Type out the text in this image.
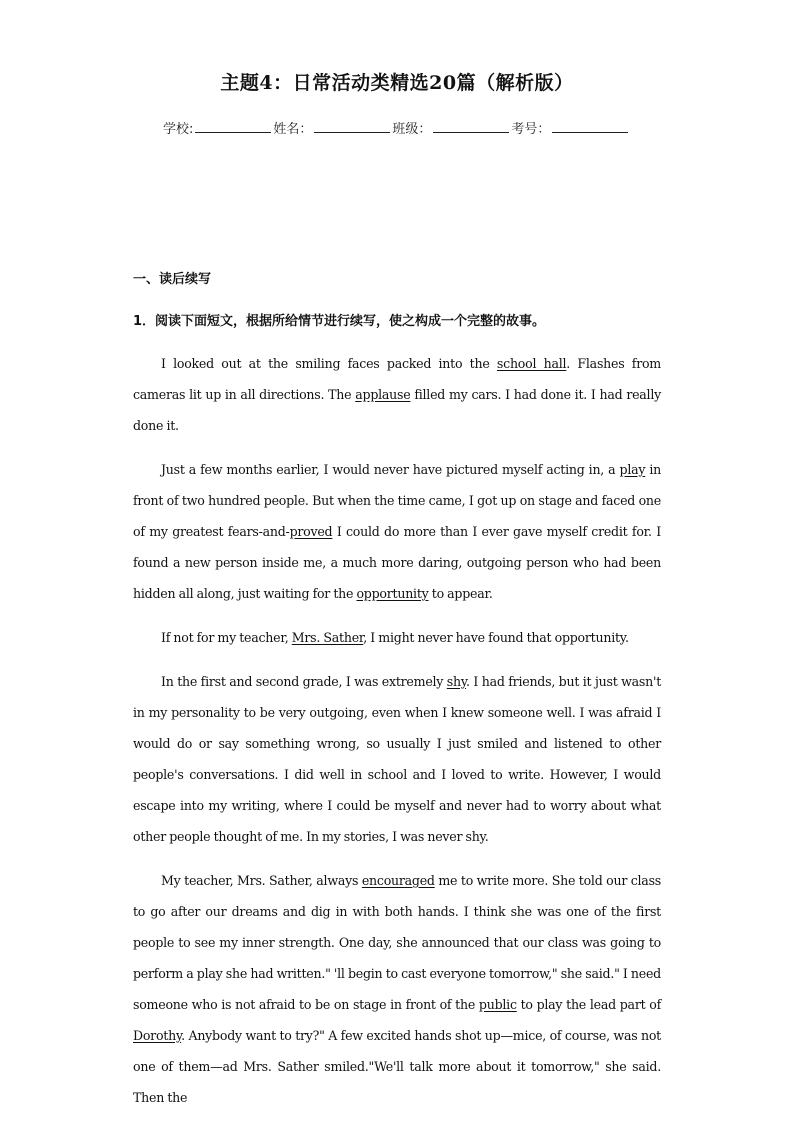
主题4：日常活动类精选20篇（解析版）
学校:	姓名：	班级：	考号：
一、读后续写
1．阅读下面短文，根据所给情节进行续写，使之构成一个完整的故事。

I looked out at the smiling faces packed into the school hall. Flashes from cameras lit up in all directions. The applause filled my cars. I had done it. I had really done it.

Just a few months earlier, I would never have pictured myself acting in, a play in front of two hundred people. But when the time came, I got up on stage and faced one of my greatest fears-and-proved I could do more than I ever gave myself credit for. I found a new person inside me, a much more daring, outgoing person who had been hidden all along, just waiting for the opportunity to appear.

If not for my teacher, Mrs. Sather, I might never have found that opportunity.

In the first and second grade, I was extremely shy. I had friends, but it just wasn't in my personality to be very outgoing, even when I knew someone well. I was afraid I would do or say something wrong, so usually I just smiled and listened to other people's conversations. I did well in school and I loved to write. However, I would escape into my writing, where I could be myself and never had to worry about what other people thought of me. In my stories, I was never shy.

My teacher, Mrs. Sather, always encouraged me to write more. She told our class to go after our dreams and dig in with both hands. I think she was one of the first people to see my inner strength. One day, she announced that our class was going to perform a play she had written." 'll begin to cast everyone tomorrow," she said." I need someone who is not afraid to be on stage in front of the public to play the lead part of Dorothy. Anybody want to try?" A few excited hands shot up—mice, of course, was not one of them—ad Mrs. Sather smiled."We'll talk more about it tomorrow," she said. Then the
